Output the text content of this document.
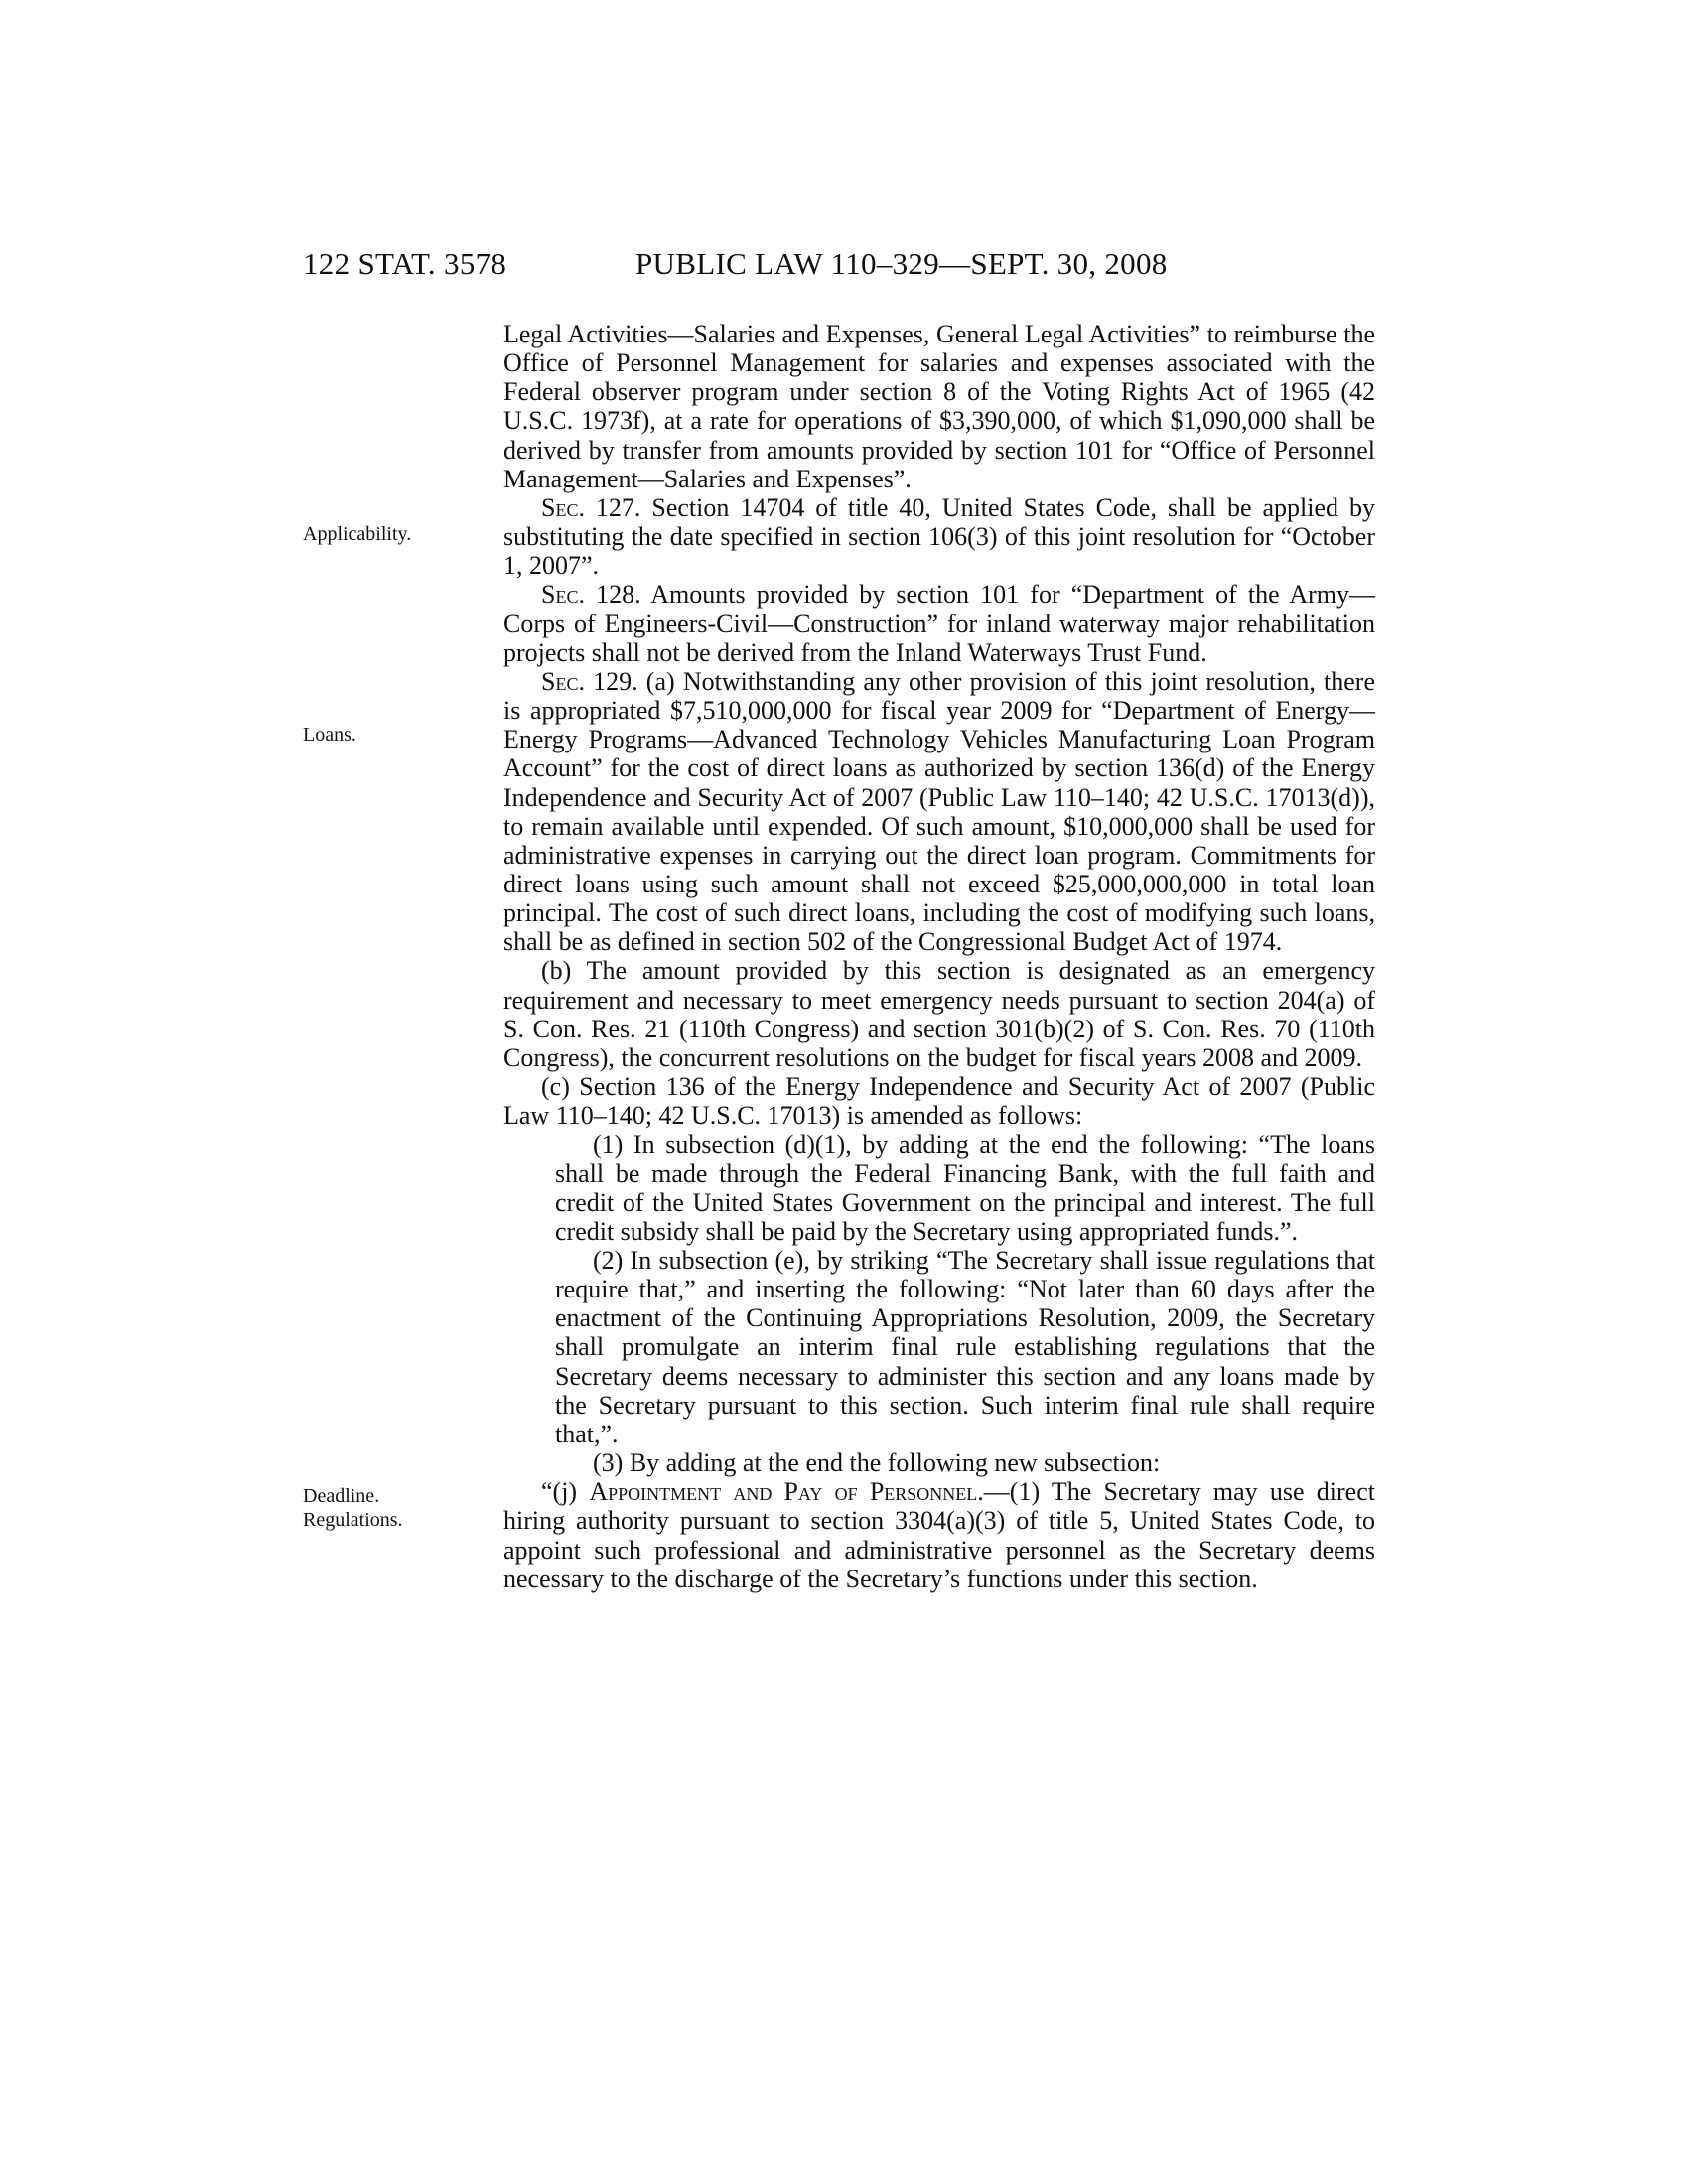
122 STAT. 3578	PUBLIC LAW 110–329—SEPT. 30, 2008
Applicability.
Loans.
Deadline.
Regulations.

Legal Activities—Salaries and Expenses, General Legal Activities” to reimburse the Office of Personnel Management for salaries and expenses associated with the Federal observer program under section 8 of the Voting Rights Act of 1965 (42 U.S.C. 1973f), at a rate for operations of $3,390,000, of which $1,090,000 shall be derived by transfer from amounts provided by section 101 for “Office of Personnel Management—Salaries and Expenses”.

Sec. 127. Section 14704 of title 40, United States Code, shall be applied by substituting the date specified in section 106(3) of this joint resolution for “October 1, 2007”.

Sec. 128. Amounts provided by section 101 for “Department of the Army—Corps of Engineers-Civil—Construction” for inland waterway major rehabilitation projects shall not be derived from the Inland Waterways Trust Fund.

Sec. 129. (a) Notwithstanding any other provision of this joint resolution, there is appropriated $7,510,000,000 for fiscal year 2009 for “Department of Energy—Energy Programs—Advanced Technology Vehicles Manufacturing Loan Program Account” for the cost of direct loans as authorized by section 136(d) of the Energy Independence and Security Act of 2007 (Public Law 110–140; 42 U.S.C. 17013(d)), to remain available until expended. Of such amount, $10,000,000 shall be used for administrative expenses in carrying out the direct loan program. Commitments for direct loans using such amount shall not exceed $25,000,000,000 in total loan principal. The cost of such direct loans, including the cost of modifying such loans, shall be as defined in section 502 of the Congressional Budget Act of 1974.

(b) The amount provided by this section is designated as an emergency requirement and necessary to meet emergency needs pursuant to section 204(a) of S. Con. Res. 21 (110th Congress) and section 301(b)(2) of S. Con. Res. 70 (110th Congress), the concurrent resolutions on the budget for fiscal years 2008 and 2009.

(c) Section 136 of the Energy Independence and Security Act of 2007 (Public Law 110–140; 42 U.S.C. 17013) is amended as follows:

(1) In subsection (d)(1), by adding at the end the following: “The loans shall be made through the Federal Financing Bank, with the full faith and credit of the United States Government on the principal and interest. The full credit subsidy shall be paid by the Secretary using appropriated funds.”.

(2) In subsection (e), by striking “The Secretary shall issue regulations that require that,” and inserting the following: “Not later than 60 days after the enactment of the Continuing Appropriations Resolution, 2009, the Secretary shall promulgate an interim final rule establishing regulations that the Secretary deems necessary to administer this section and any loans made by the Secretary pursuant to this section. Such interim final rule shall require that,”.

(3) By adding at the end the following new subsection:

“(j) Appointment and Pay of Personnel.—(1) The Secretary may use direct hiring authority pursuant to section 3304(a)(3) of title 5, United States Code, to appoint such professional and administrative personnel as the Secretary deems necessary to the discharge of the Secretary’s functions under this section.
